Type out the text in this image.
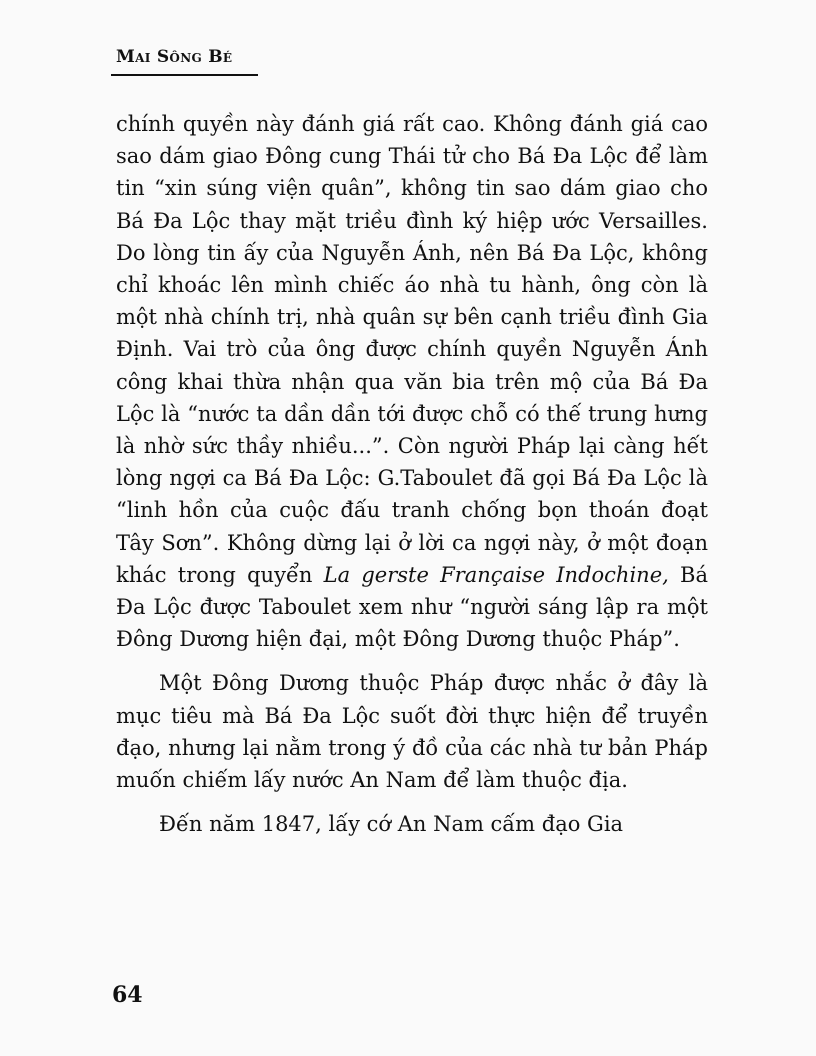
Mai Sông Bé

chính quyền này đánh giá rất cao. Không đánh giá cao sao dám giao Đông cung Thái tử cho Bá Đa Lộc để làm tin “xin súng viện quân”, không tin sao dám giao cho Bá Đa Lộc thay mặt triều đình ký hiệp ước Versailles. Do lòng tin ấy của Nguyễn Ánh, nên Bá Đa Lộc, không chỉ khoác lên mình chiếc áo nhà tu hành, ông còn là một nhà chính trị, nhà quân sự bên cạnh triều đình Gia Định. Vai trò của ông được chính quyền Nguyễn Ánh công khai thừa nhận qua văn bia trên mộ của Bá Đa Lộc là “nước ta dần dần tới được chỗ có thế trung hưng là nhờ sức thầy nhiều...”. Còn người Pháp lại càng hết lòng ngợi ca Bá Đa Lộc: G.Taboulet đã gọi Bá Đa Lộc là “linh hồn của cuộc đấu tranh chống bọn thoán đoạt Tây Sơn”. Không dừng lại ở lời ca ngợi này, ở một đoạn khác trong quyển La gerste Française Indochine, Bá Đa Lộc được Taboulet xem như “người sáng lập ra một Đông Dương hiện đại, một Đông Dương thuộc Pháp”.

Một Đông Dương thuộc Pháp được nhắc ở đây là mục tiêu mà Bá Đa Lộc suốt đời thực hiện để truyền đạo, nhưng lại nằm trong ý đồ của các nhà tư bản Pháp muốn chiếm lấy nước An Nam để làm thuộc địa.

Đến năm 1847, lấy cớ An Nam cấm đạo Gia

64
